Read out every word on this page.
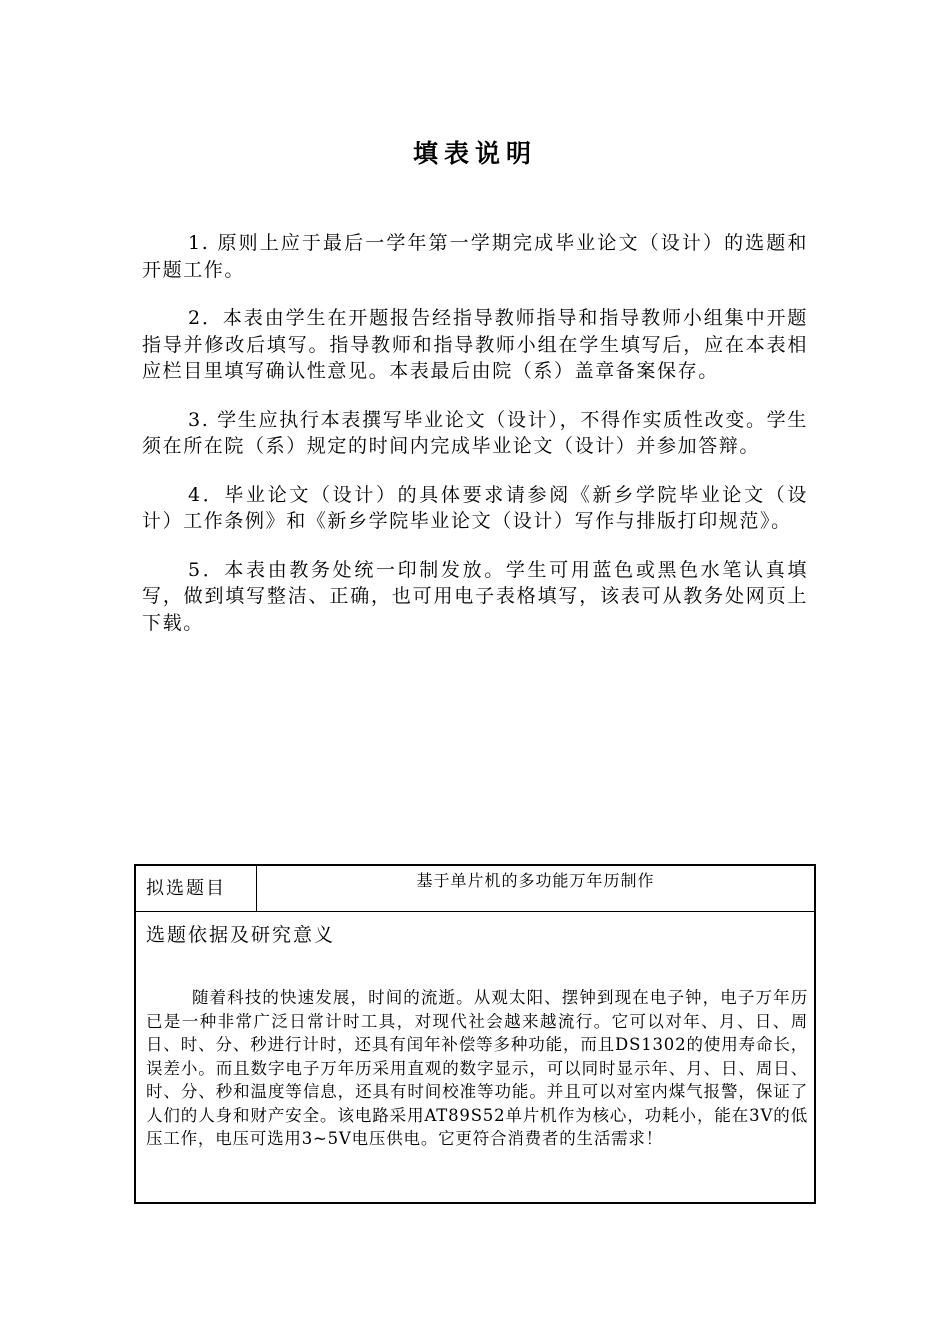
填表说明

1. 原则上应于最后一学年第一学期完成毕业论文（设计）的选题和开题工作。

2．本表由学生在开题报告经指导教师指导和指导教师小组集中开题指导并修改后填写。指导教师和指导教师小组在学生填写后，应在本表相应栏目里填写确认性意见。本表最后由院（系）盖章备案保存。

3. 学生应执行本表撰写毕业论文（设计），不得作实质性改变。学生须在所在院（系）规定的时间内完成毕业论文（设计）并参加答辩。

4．毕业论文（设计）的具体要求请参阅《新乡学院毕业论文（设计）工作条例》和《新乡学院毕业论文（设计）写作与排版打印规范》。

5．本表由教务处统一印制发放。学生可用蓝色或黑色水笔认真填写，做到填写整洁、正确，也可用电子表格填写，该表可从教务处网页上下载。

拟选题目	基于单片机的多功能万年历制作
选题依据及研究意义
随着科技的快速发展，时间的流逝。从观太阳、摆钟到现在电子钟，电子万年历已是一种非常广泛日常计时工具，对现代社会越来越流行。它可以对年、月、日、周日、时、分、秒进行计时，还具有闰年补偿等多种功能，而且DS1302的使用寿命长，误差小。而且数字电子万年历采用直观的数字显示，可以同时显示年、月、日、周日、时、分、秒和温度等信息，还具有时间校准等功能。并且可以对室内煤气报警，保证了人们的人身和财产安全。该电路采用AT89S52单片机作为核心，功耗小，能在3V的低压工作，电压可选用3~5V电压供电。它更符合消费者的生活需求！
